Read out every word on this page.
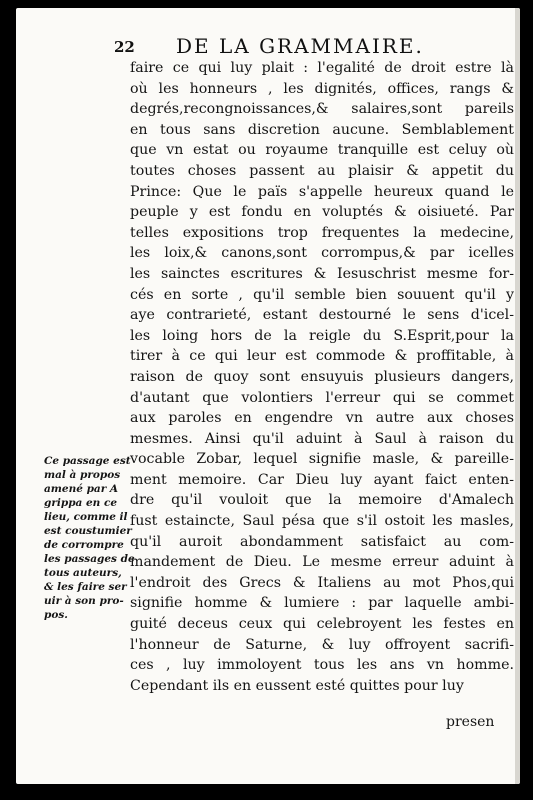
22 DE LA GRAMMAIRE.
faire ce qui luy plait : l'egalité de droit estre là
où les honneurs , les dignités, offices, rangs &
degrés,recongnoissances,& salaires,sont pareils
en tous sans discretion aucune. Semblablement
que vn estat ou royaume tranquille est celuy où
toutes choses passent au plaisir & appetit du
Prince: Que le païs s'appelle heureux quand le
peuple y est fondu en voluptés & oisiueté. Par
telles expositions trop frequentes la medecine,
les loix,& canons,sont corrompus,& par icelles
les sainctes escritures & Iesuschrist mesme for-
cés en sorte , qu'il semble bien souuent qu'il y
aye contrarieté, estant destourné le sens d'icel-
les loing hors de la reigle du S.Esprit,pour la
tirer à ce qui leur est commode & proffitable, à
raison de quoy sont ensuyuis plusieurs dangers,
d'autant que volontiers l'erreur qui se commet
aux paroles en engendre vn autre aux choses
mesmes. Ainsi qu'il aduint à Saul à raison du
vocable Zobar, lequel signifie masle, & pareille-
ment memoire. Car Dieu luy ayant faict enten-
dre qu'il vouloit que la memoire d'Amalech
fust estaincte, Saul pésa que s'il ostoit les masles,
qu'il auroit abondamment satisfaict au com-
mandement de Dieu. Le mesme erreur aduint à
l'endroit des Grecs & Italiens au mot Phos,qui
signifie homme & lumiere : par laquelle ambi-
guité deceus ceux qui celebroyent les festes en
l'honneur de Saturne, & luy offroyent sacrifi-
ces , luy immoloyent tous les ans vn homme.
Cependant ils en eussent esté quittes pour luy
Ce passage est
mal à propos
amené par A
grippa en ce
lieu, comme il
est coustumier
de corrompre
les passages de
tous auteurs,
& les faire ser
uir à son pro-
pos.
presen
